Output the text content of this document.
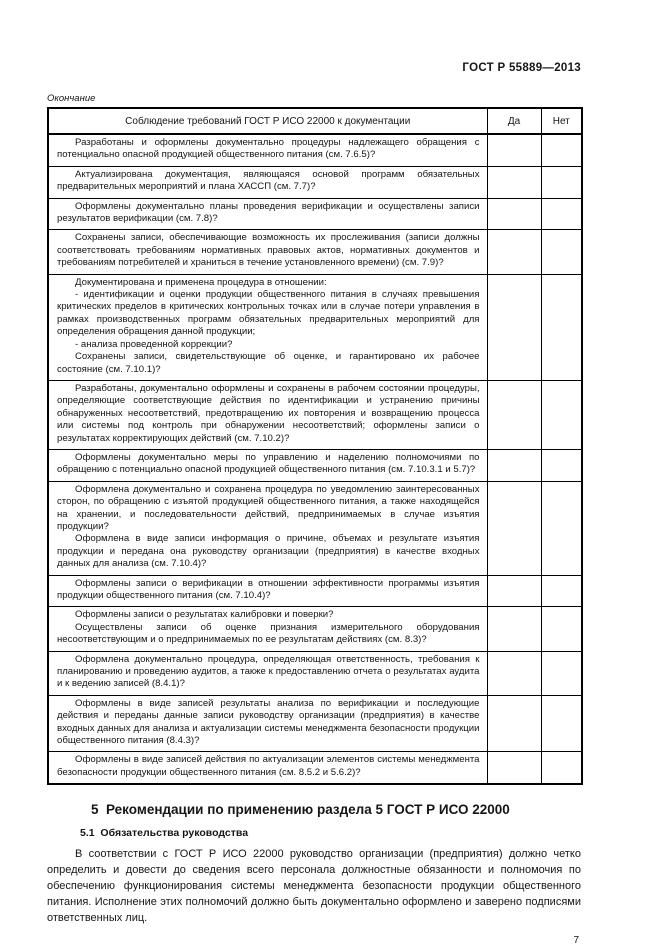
ГОСТ Р 55889—2013
Окончание
Соблюдение требований ГОСТ Р ИСО 22000 к документации	Да	Нет

Разработаны и оформлены документально процедуры надлежащего обращения с потенциально опасной продукцией общественного питания (см. 7.6.5)?		

Актуализирована документация, являющаяся основой программ обязательных предварительных мероприятий и плана ХАССП (см. 7.7)?		

Оформлены документально планы проведения верификации и осуществлены записи результатов верификации (см. 7.8)?		

Сохранены записи, обеспечивающие возможность их прослеживания (записи должны соответствовать требованиям нормативных правовых актов, нормативных документов и требованиям потребителей и храниться в течение установленного времени) (см. 7.9)?		

Документирована и применена процедура в отношении:
- идентификации и оценки продукции общественного питания в случаях превышения критических пределов в критических контрольных точках или в случае потери управления в рамках производственных программ обязательных предварительных мероприятий для определения обращения данной продукции;
- анализа проведенной коррекции?
Сохранены записи, свидетельствующие об оценке, и гарантировано их рабочее состояние (см. 7.10.1)?		

Разработаны, документально оформлены и сохранены в рабочем состоянии процедуры, определяющие соответствующие действия по идентификации и устранению причины обнаруженных несоответствий, предотвращению их повторения и возвращению процесса или системы под контроль при обнаружении несоответствий; оформлены записи о результатах корректирующих действий (см. 7.10.2)?		

Оформлены документально меры по управлению и наделению полномочиями по обращению с потенциально опасной продукцией общественного питания (см. 7.10.3.1 и 5.7)?		

Оформлена документально и сохранена процедура по уведомлению заинтересованных сторон, по обращению с изъятой продукцией общественного питания, а также находящейся на хранении, и последовательности действий, предпринимаемых в случае изъятия продукции?
Оформлена в виде записи информация о причине, объемах и результате изъятия продукции и передана она руководству организации (предприятия) в качестве входных данных для анализа (см. 7.10.4)?		

Оформлены записи о верификации в отношении эффективности программы изъятия продукции общественного питания (см. 7.10.4)?		

Оформлены записи о результатах калибровки и поверки?
Осуществлены записи об оценке признания измерительного оборудования несоответствующим и о предпринимаемых по ее результатам действиях (см. 8.3)?		

Оформлена документально процедура, определяющая ответственность, требования к планированию и проведению аудитов, а также к предоставлению отчета о результатах аудита и к ведению записей (8.4.1)?		

Оформлены в виде записей результаты анализа по верификации и последующие действия и переданы данные записи руководству организации (предприятия) в качестве входных данных для анализа и актуализации системы менеджмента безопасности продукции общественного питания (8.4.3)?		

Оформлены в виде записей действия по актуализации элементов системы менеджмента безопасности продукции общественного питания (см. 8.5.2 и 5.6.2)?		

5  Рекомендации по применению раздела 5 ГОСТ Р ИСО 22000
5.1  Обязательства руководства

В соответствии с ГОСТ Р ИСО 22000 руководство организации (предприятия) должно четко определить и довести до сведения всего персонала должностные обязанности и полномочия по обеспечению функционирования системы менеджмента безопасности продукции общественного питания. Исполнение этих полномочий должно быть документально оформлено и заверено подписями ответственных лиц.

7
